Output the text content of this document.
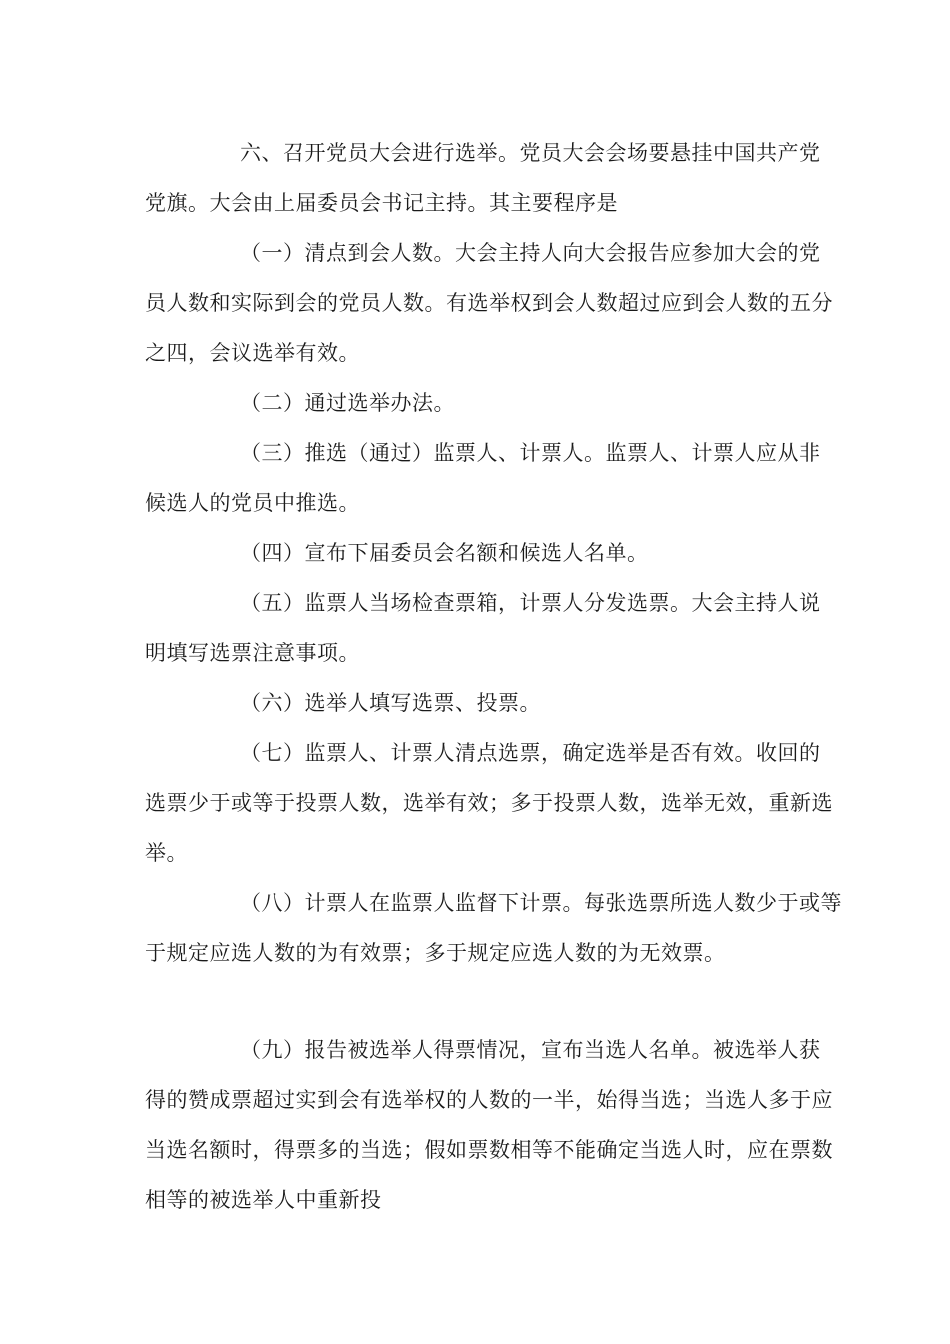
六、召开党员大会进行选举。党员大会会场要悬挂中国共产党党旗。大会由上届委员会书记主持。其主要程序是

（一）清点到会人数。大会主持人向大会报告应参加大会的党员人数和实际到会的党员人数。有选举权到会人数超过应到会人数的五分之四，会议选举有效。

（二）通过选举办法。

（三）推选（通过）监票人、计票人。监票人、计票人应从非候选人的党员中推选。

（四）宣布下届委员会名额和候选人名单。

（五）监票人当场检查票箱，计票人分发选票。大会主持人说明填写选票注意事项。

（六）选举人填写选票、投票。

（七）监票人、计票人清点选票，确定选举是否有效。收回的选票少于或等于投票人数，选举有效；多于投票人数，选举无效，重新选举。

（八）计票人在监票人监督下计票。每张选票所选人数少于或等于规定应选人数的为有效票；多于规定应选人数的为无效票。

（九）报告被选举人得票情况，宣布当选人名单。被选举人获得的赞成票超过实到会有选举权的人数的一半，始得当选；当选人多于应当选名额时，得票多的当选；假如票数相等不能确定当选人时，应在票数相等的被选举人中重新投
